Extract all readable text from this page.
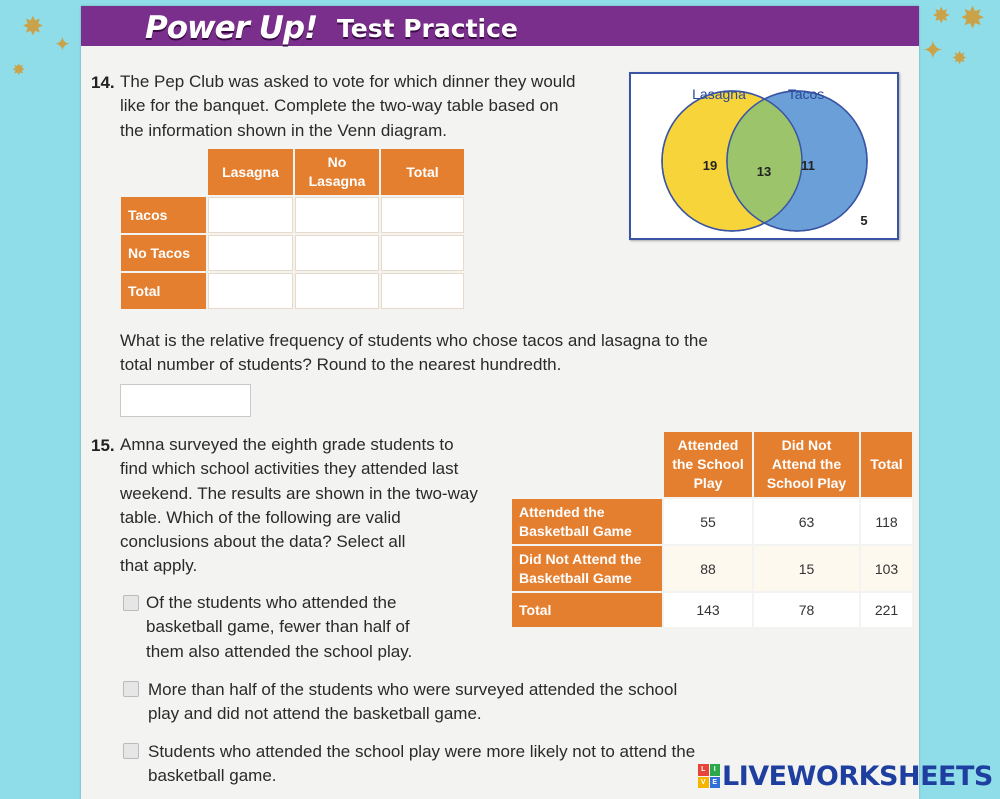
✸
✦
✸
✸ ✸
✦ ✸
Power Up! Test Practice
14. The Pep Club was asked to vote for which dinner they would
like for the banquet. Complete the two-way table based on
the information shown in the Venn diagram.
	Lasagna	No
Lasagna	Total
Tacos			
No Tacos			
Total			
Lasagna	Tacos
19	13 11
5
What is the relative frequency of students who chose tacos and lasagna to the
total number of students? Round to the nearest hundredth.
15. Amna surveyed the eighth grade students to
find which school activities they attended last
weekend. The results are shown in the two-way
table. Which of the following are valid
conclusions about the data? Select all
that apply.
	Attended
the School
Play	Did Not
Attend the
School Play	Total
Attended the
Basketball Game	55	63	118
Did Not Attend the
Basketball Game	88	15	103
Total	143	78	221
Of the students who attended the
basketball game, fewer than half of
them also attended the school play.
More than half of the students who were surveyed attended the school
play and did not attend the basketball game.
Students who attended the school play were more likely not to attend the
basketball game.	L	I
V E LIVEWORKSHEETS
